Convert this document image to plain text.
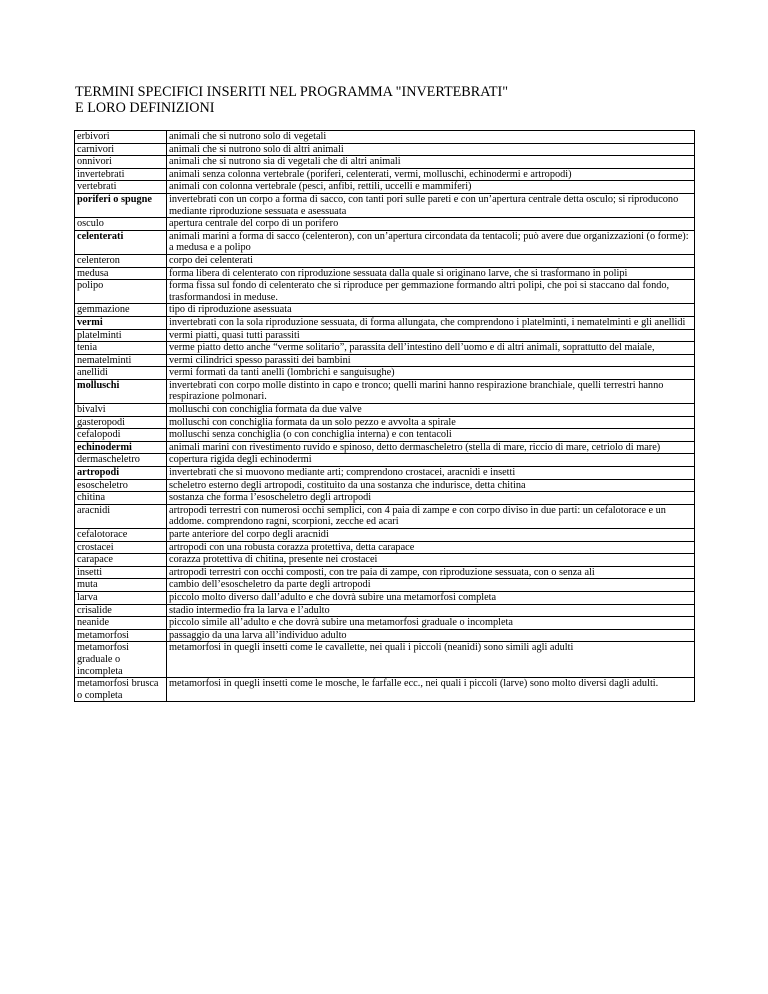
TERMINI SPECIFICI INSERITI NEL PROGRAMMA "INVERTEBRATI"
E LORO DEFINIZIONI
erbivori	animali che si nutrono solo di vegetali
carnivori	animali che si nutrono solo di altri animali
onnivori	animali che si nutrono sia di vegetali che di altri animali
invertebrati	animali senza colonna vertebrale (poriferi, celenterati, vermi, molluschi, echinodermi e artropodi)
vertebrati	animali con colonna vertebrale (pesci, anfibi, rettili, uccelli e mammiferi)
poriferi o spugne	invertebrati con un corpo a forma di sacco, con tanti pori sulle pareti e con un’apertura centrale detta osculo; si riproducono mediante riproduzione sessuata e asessuata
osculo	apertura centrale del corpo di un porifero
celenterati	animali marini a forma di sacco (celenteron), con un’apertura circondata da tentacoli; può avere due organizzazioni (o forme): a medusa e a polipo
celenteron	corpo dei celenterati
medusa	forma libera di celenterato con riproduzione sessuata dalla quale si originano larve, che si trasformano in polipi
polipo	forma fissa sul fondo di celenterato che si riproduce per gemmazione formando altri polipi, che poi si staccano dal fondo, trasformandosi in meduse.
gemmazione	tipo di riproduzione asessuata
vermi	invertebrati con la sola riproduzione sessuata, di forma allungata, che comprendono i platelminti, i nematelminti e gli anellidi
platelminti	vermi piatti, quasi tutti parassiti
tenia	verme piatto detto anche “verme solitario”, parassita dell’intestino dell’uomo e di altri animali, soprattutto del maiale,
nematelminti	vermi cilindrici spesso parassiti dei bambini
anellidi	vermi formati da tanti anelli (lombrichi e sanguisughe)
molluschi	invertebrati con corpo molle distinto in capo e tronco; quelli marini hanno respirazione branchiale, quelli terrestri hanno respirazione polmonari.
bivalvi	molluschi con conchiglia formata da due valve
gasteropodi	molluschi con conchiglia formata da un solo pezzo e avvolta a spirale
cefalopodi	molluschi senza conchiglia (o con conchiglia interna) e con tentacoli
echinodermi	animali marini con rivestimento ruvido e spinoso, detto dermascheletro (stella di mare, riccio di mare, cetriolo di mare)
dermascheletro	copertura rigida degli echinodermi
artropodi	invertebrati che si muovono mediante arti; comprendono crostacei, aracnidi e insetti
esoscheletro	scheletro esterno degli artropodi, costituito da una sostanza che indurisce, detta chitina
chitina	sostanza che forma l’esoscheletro degli artropodi
aracnidi	artropodi terrestri con numerosi occhi semplici, con 4 paia di zampe e con corpo diviso in due parti: un cefalotorace e un addome. comprendono ragni, scorpioni, zecche ed acari
cefalotorace	parte anteriore del corpo degli aracnidi
crostacei	artropodi con una robusta corazza protettiva, detta carapace
carapace	corazza protettiva di chitina, presente nei crostacei
insetti	artropodi terrestri con occhi composti, con tre paia di zampe, con riproduzione sessuata, con o senza ali
muta	cambio dell’esoscheletro da parte degli artropodi
larva	piccolo molto diverso dall’adulto e che dovrà subire una metamorfosi completa
crisalide	stadio intermedio fra la larva e l’adulto
neanide	piccolo simile all’adulto e che dovrà subire una metamorfosi graduale o incompleta
metamorfosi	passaggio da una larva all’individuo adulto
metamorfosi graduale o incompleta	metamorfosi in quegli insetti come le cavallette, nei quali i piccoli (neanidi) sono simili agli adulti
metamorfosi brusca o completa	metamorfosi in quegli insetti come le mosche, le farfalle ecc., nei quali i piccoli (larve) sono molto diversi dagli adulti.
